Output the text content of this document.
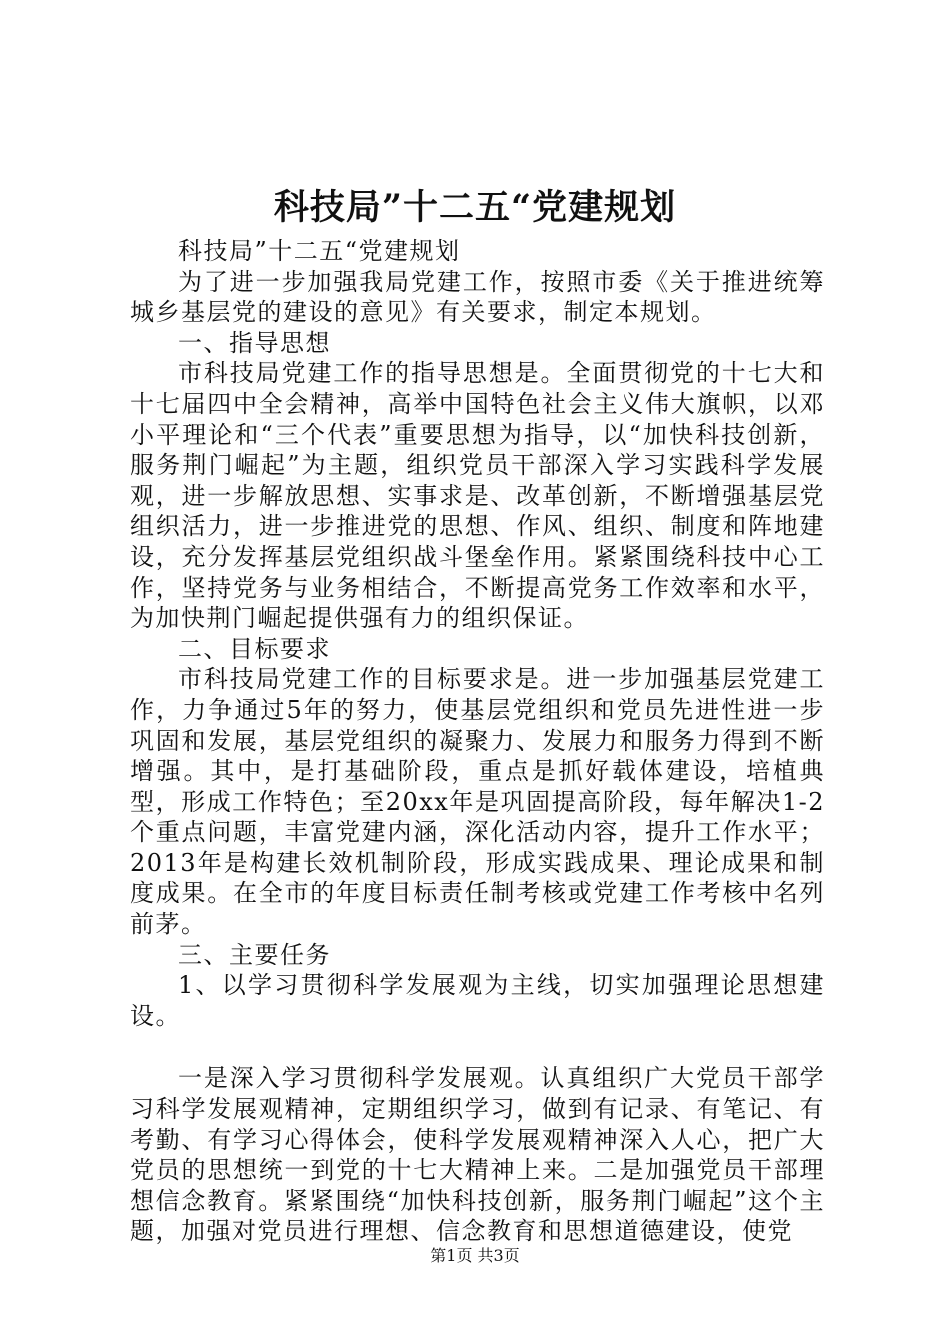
科技局”十二五“党建规划

科技局”十二五“党建规划

为了进一步加强我局党建工作，按照市委《关于推进统筹城乡基层党的建设的意见》有关要求，制定本规划。

一、指导思想

市科技局党建工作的指导思想是。全面贯彻党的十七大和十七届四中全会精神，高举中国特色社会主义伟大旗帜，以邓小平理论和“三个代表”重要思想为指导，以“加快科技创新，服务荆门崛起”为主题，组织党员干部深入学习实践科学发展观，进一步解放思想、实事求是、改革创新，不断增强基层党组织活力，进一步推进党的思想、作风、组织、制度和阵地建设，充分发挥基层党组织战斗堡垒作用。紧紧围绕科技中心工作，坚持党务与业务相结合，不断提高党务工作效率和水平，为加快荆门崛起提供强有力的组织保证。

二、目标要求

市科技局党建工作的目标要求是。进一步加强基层党建工作，力争通过5年的努力，使基层党组织和党员先进性进一步巩固和发展，基层党组织的凝聚力、发展力和服务力得到不断增强。其中，是打基础阶段，重点是抓好载体建设，培植典型，形成工作特色；至20xx年是巩固提高阶段，每年解决1-2个重点问题，丰富党建内涵，深化活动内容，提升工作水平；2013年是构建长效机制阶段，形成实践成果、理论成果和制度成果。在全市的年度目标责任制考核或党建工作考核中名列前茅。

三、主要任务

1、以学习贯彻科学发展观为主线，切实加强理论思想建设。

一是深入学习贯彻科学发展观。认真组织广大党员干部学习科学发展观精神，定期组织学习，做到有记录、有笔记、有考勤、有学习心得体会，使科学发展观精神深入人心，把广大党员的思想统一到党的十七大精神上来。二是加强党员干部理想信念教育。紧紧围绕“加快科技创新，服务荆门崛起”这个主题，加强对党员进行理想、信念教育和思想道德建设，使党

第1页 共3页
